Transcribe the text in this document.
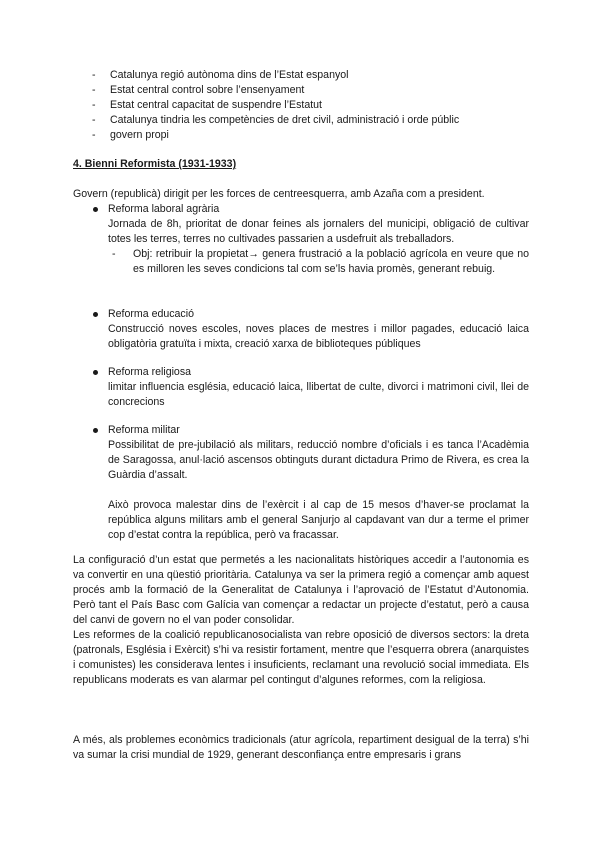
- Catalunya regió autònoma dins de l’Estat espanyol
- Estat central control sobre l’ensenyament
- Estat central capacitat de suspendre l’Estatut
- Catalunya tindria les competències de dret civil, administració i orde públic
- govern propi
4. Bienni Reformista (1931-1933)
Govern (republicà) dirigit per les forces de centreesquerra, amb Azaña com a president.
Reforma laboral agrària
Jornada de 8h, prioritat de donar feines als jornalers del municipi, obligació de cultivar totes les terres, terres no cultivades passarien a usdefruit als treballadors.
- Obj: retribuir la propietat→ genera frustració a la població agrícola en veure que no es milloren les seves condicions tal com se’ls havia promès, generant rebuig.
Reforma educació
Construcció noves escoles, noves places de mestres i millor pagades, educació laica obligatòria gratuïta i mixta, creació xarxa de biblioteques públiques
Reforma religiosa
limitar influencia església, educació laica, llibertat de culte, divorci i matrimoni civil, llei de concrecions
Reforma militar
Possibilitat de pre-jubilació als militars, reducció nombre d’oficials i es tanca l’Acadèmia de Saragossa, anul·lació ascensos obtinguts durant dictadura Primo de Rivera, es crea la Guàrdia d’assalt.
Això provoca malestar dins de l’exèrcit i al cap de 15 mesos d’haver-se proclamat la república alguns militars amb el general Sanjurjo al capdavant van dur a terme el primer cop d’estat contra la república, però va fracassar.
La configuració d’un estat que permetés a les nacionalitats històriques accedir a l’autonomia es va convertir en una qüestió prioritària. Catalunya va ser la primera regió a començar amb aquest procés amb la formació de la Generalitat de Catalunya i l’aprovació de l’Estatut d’Autonomia. Però tant el País Basc com Galícia van començar a redactar un projecte d’estatut, però a causa del canvi de govern no el van poder consolidar.
Les reformes de la coalició republicanosocialista van rebre oposició de diversos sectors: la dreta (patronals, Església i Exèrcit) s’hi va resistir fortament, mentre que l’esquerra obrera (anarquistes i comunistes) les considerava lentes i insuficients, reclamant una revolució social immediata. Els republicans moderats es van alarmar pel contingut d’algunes reformes, com la religiosa.
A més, als problemes econòmics tradicionals (atur agrícola, repartiment desigual de la terra) s’hi va sumar la crisi mundial de 1929, generant desconfiança entre empresaris i grans
